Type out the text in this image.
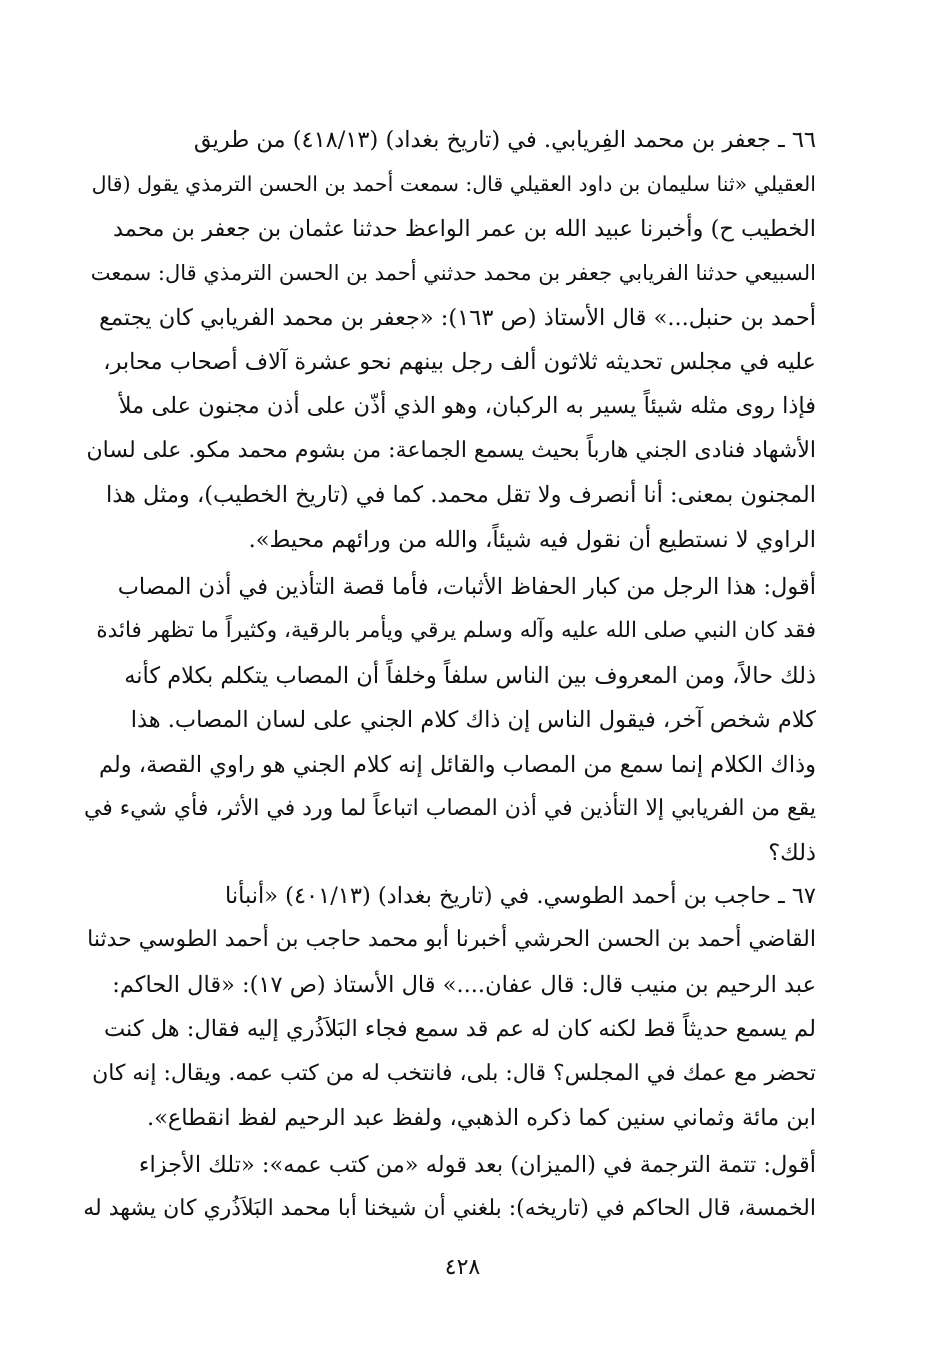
٦٦ ـ جعفر بن محمد الفِريابي. في (تاريخ بغداد) (٤١٨/١٣) من طريق
العقيلي «ثنا سليمان بن داود العقيلي قال: سمعت أحمد بن الحسن الترمذي يقول (قال
الخطيب ح) وأخبرنا عبيد الله بن عمر الواعظ حدثنا عثمان بن جعفر بن محمد
السبيعي حدثنا الفريابي جعفر بن محمد حدثني أحمد بن الحسن الترمذي قال: سمعت
أحمد بن حنبل...» قال الأستاذ (ص ١٦٣): «جعفر بن محمد الفريابي كان يجتمع
عليه في مجلس تحديثه ثلاثون ألف رجل بينهم نحو عشرة آلاف أصحاب محابر،
فإذا روى مثله شيئاً يسير به الركبان، وهو الذي أذّن على أذن مجنون على ملأ
الأشهاد فنادى الجني هارباً بحيث يسمع الجماعة: من بشوم محمد مكو. على لسان
المجنون بمعنى: أنا أنصرف ولا تقل محمد. كما في (تاريخ الخطيب)، ومثل هذا
الراوي لا نستطيع أن نقول فيه شيئاً، والله من ورائهم محيط».
أقول: هذا الرجل من كبار الحفاظ الأثبات، فأما قصة التأذين في أذن المصاب
فقد كان النبي صلى الله عليه وآله وسلم يرقي ويأمر بالرقية، وكثيراً ما تظهر فائدة
ذلك حالاً، ومن المعروف بين الناس سلفاً وخلفاً أن المصاب يتكلم بكلام كأنه
كلام شخص آخر، فيقول الناس إن ذاك كلام الجني على لسان المصاب. هذا
وذاك الكلام إنما سمع من المصاب والقائل إنه كلام الجني هو راوي القصة، ولم
يقع من الفريابي إلا التأذين في أذن المصاب اتباعاً لما ورد في الأثر، فأي شيء في
ذلك؟
٦٧ ـ حاجب بن أحمد الطوسي. في (تاريخ بغداد) (٤٠١/١٣) «أنبأنا
القاضي أحمد بن الحسن الحرشي أخبرنا أبو محمد حاجب بن أحمد الطوسي حدثنا
عبد الرحيم بن منيب قال: قال عفان....» قال الأستاذ (ص ١٧): «قال الحاكم:
لم يسمع حديثاً قط لكنه كان له عم قد سمع فجاء البَلاَذُري إليه فقال: هل كنت
تحضر مع عمك في المجلس؟ قال: بلى، فانتخب له من كتب عمه. ويقال: إنه كان
ابن مائة وثماني سنين كما ذكره الذهبي، ولفظ عبد الرحيم لفظ انقطاع».
أقول: تتمة الترجمة في (الميزان) بعد قوله «من كتب عمه»: «تلك الأجزاء
الخمسة، قال الحاكم في (تاريخه): بلغني أن شيخنا أبا محمد البَلاَذُري كان يشهد له
٤٢٨
